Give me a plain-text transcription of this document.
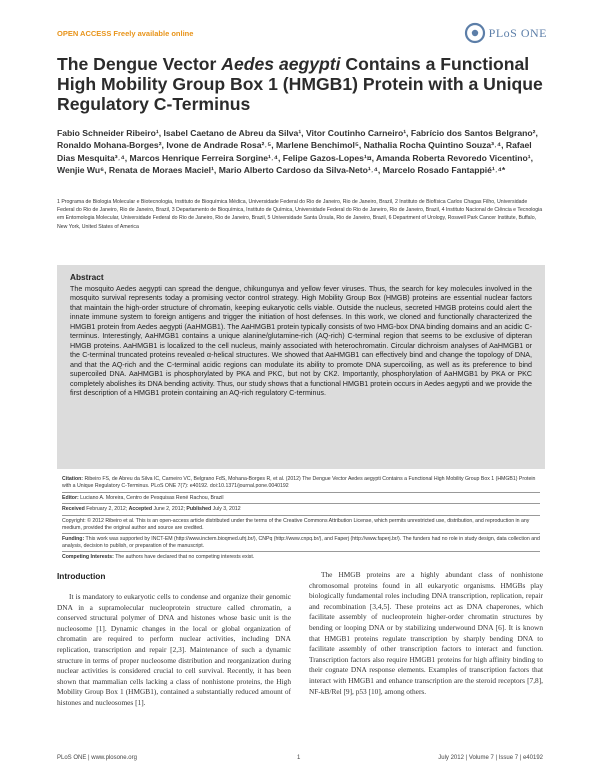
OPEN ACCESS Freely available online	PLoS ONE
The Dengue Vector Aedes aegypti Contains a Functional High Mobility Group Box 1 (HMGB1) Protein with a Unique Regulatory C-Terminus
Fabio Schneider Ribeiro¹, Isabel Caetano de Abreu da Silva¹, Vitor Coutinho Carneiro¹, Fabrício dos Santos Belgrano², Ronaldo Mohana-Borges², Ivone de Andrade Rosa²˒⁵, Marlene Benchimol⁵, Nathalia Rocha Quintino Souza³˒⁴, Rafael Dias Mesquita³˒⁴, Marcos Henrique Ferreira Sorgine¹˒⁴, Felipe Gazos-Lopes¹¤, Amanda Roberta Revoredo Vicentino¹, Wenjie Wu⁶, Renata de Moraes Maciel¹, Mario Alberto Cardoso da Silva-Neto¹˒⁴, Marcelo Rosado Fantappié¹˒⁴*
1 Programa de Biologia Molecular e Biotecnologia, Instituto de Bioquímica Médica, Universidade Federal do Rio de Janeiro, Rio de Janeiro, Brazil, 2 Instituto de Biofísica Carlos Chagas Filho, Universidade Federal do Rio de Janeiro, Rio de Janeiro, Brazil, 3 Departamento de Bioquímica, Instituto de Química, Universidade Federal do Rio de Janeiro, Rio de Janeiro, Brazil, 4 Instituto Nacional de Ciência e Tecnologia em Entomologia Molecular, Universidade Federal do Rio de Janeiro, Rio de Janeiro, Brazil, 5 Universidade Santa Úrsula, Rio de Janeiro, Brazil, 6 Department of Urology, Roswell Park Cancer Institute, Buffalo, New York, United States of America
Abstract

The mosquito Aedes aegypti can spread the dengue, chikungunya and yellow fever viruses. Thus, the search for key molecules involved in the mosquito survival represents today a promising vector control strategy. High Mobility Group Box (HMGB) proteins are essential nuclear factors that maintain the high-order structure of chromatin, keeping eukaryotic cells viable. Outside the nucleus, secreted HMGB proteins could alert the innate immune system to foreign antigens and trigger the initiation of host defenses. In this work, we cloned and functionally characterized the HMGB1 protein from Aedes aegypti (AaHMGB1). The AaHMGB1 protein typically consists of two HMG-box DNA binding domains and an acidic C-terminus. Interestingly, AaHMGB1 contains a unique alanine/glutamine-rich (AQ-rich) C-terminal region that seems to be exclusive of dipteran HMGB proteins. AaHMGB1 is localized to the cell nucleus, mainly associated with heterochromatin. Circular dichroism analyses of AaHMGB1 or the C-terminal truncated proteins revealed α-helical structures. We showed that AaHMGB1 can effectively bind and change the topology of DNA, and that the AQ-rich and the C-terminal acidic regions can modulate its ability to promote DNA supercoiling, as well as its preference to bind supercoiled DNA. AaHMGB1 is phosphorylated by PKA and PKC, but not by CK2. Importantly, phosphorylation of AaHMGB1 by PKA or PKC completely abolishes its DNA bending activity. Thus, our study shows that a functional HMGB1 protein occurs in Aedes aegypti and we provide the first description of a HMGB1 protein containing an AQ-rich regulatory C-terminus.

Citation: Ribeiro FS, de Abreu da Silva IC, Carneiro VC, Belgrano FdS, Mohana-Borges R, et al. (2012) The Dengue Vector Aedes aegypti Contains a Functional High Mobility Group Box 1 (HMGB1) Protein with a Unique Regulatory C-Terminus. PLoS ONE 7(7): e40192. doi:10.1371/journal.pone.0040192
Editor: Luciano A. Moreira, Centro de Pesquisas René Rachou, Brazil
Received February 2, 2012; Accepted June 2, 2012; Published July 3, 2012
Copyright: © 2012 Ribeiro et al. This is an open-access article distributed under the terms of the Creative Commons Attribution License, which permits unrestricted use, distribution, and reproduction in any medium, provided the original author and source are credited.
Funding: This work was supported by INCT-EM (http://www.inctem.bioqmed.ufrj.br/), CNPq (http://www.cnpq.br/), and Faperj (http://www.faperj.br/). The funders had no role in study design, data collection and analysis, decision to publish, or preparation of the manuscript.
Competing Interests: The authors have declared that no competing interests exist.
Introduction

It is mandatory to eukaryotic cells to condense and organize their genomic DNA in a supramolecular nucleoprotein structure called chromatin, a conserved structural polymer of DNA and histones whose basic unit is the nucleosome [1]. Dynamic changes in the local or global organization of chromatin are required to perform nuclear activities, including DNA replication, transcription and repair [2,3]. Maintenance of such a dynamic structure in terms of proper nucleosome distribution and reorganization during nuclear activities is considered crucial to cell survival. Recently, it has been shown that mammalian cells lacking a class of nonhistone proteins, the High Mobility Group Box 1 (HMGB1), contained a substantially reduced amount of histones and nucleosomes [1].

The HMGB proteins are a highly abundant class of nonhistone chromosomal proteins found in all eukaryotic organisms. HMGBs play biologically fundamental roles including DNA transcription, replication, repair and recombination [3,4,5]. These proteins act as DNA chaperones, which facilitate assembly of nucleoprotein higher-order chromatin structures by bending or looping DNA or by stabilizing underwound DNA [6]. It is known that HMGB1 proteins regulate transcription by sharply bending DNA to facilitate assembly of other transcription factors to interact and function. Transcription factors also require HMGB1 proteins for high affinity binding to their cognate DNA response elements. Examples of transcription factors that interact with HMGB1 and enhance transcription are the steroid receptors [7,8], NF-kB/Rel [9], p53 [10], among others.

PLoS ONE | www.plosone.org	1	July 2012 | Volume 7 | Issue 7 | e40192
